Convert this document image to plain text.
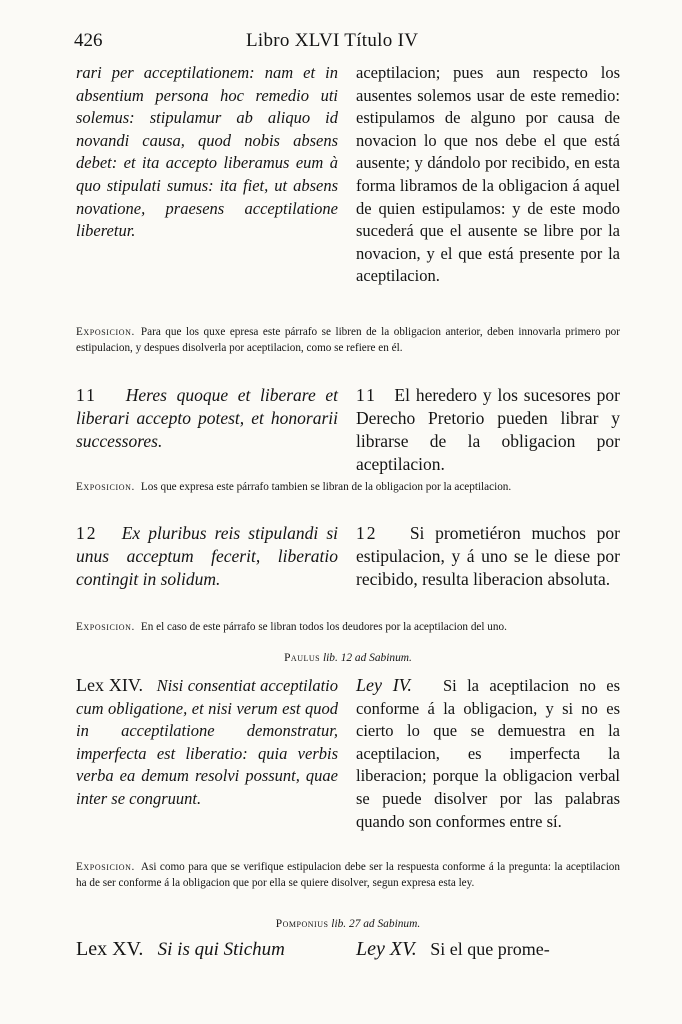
426	Libro XLVI Título IV
rari per acceptilationem: nam et in absentium persona hoc remedio uti solemus: stipulamur ab aliquo id novandi causa, quod nobis absens debet: et ita accepto liberamus eum à quo stipulati sumus: ita fiet, ut absens novatione, praesens acceptilatione liberetur.
aceptilacion; pues aun respecto los ausentes solemos usar de este remedio: estipulamos de alguno por causa de novacion lo que nos debe el que está ausente; y dándolo por recibido, en esta forma libramos de la obligacion á aquel de quien estipulamos: y de este modo sucederá que el ausente se libre por la novacion, y el que está presente por la aceptilacion.
Exposicion. Para que los quxe epresa este párrafo se libren de la obligacion anterior, deben innovarla primero por estipulacion, y despues disolverla por aceptilacion, como se refiere en él.
11 Heres quoque et liberare et liberari accepto potest, et honorarii successores.
11 El heredero y los sucesores por Derecho Pretorio pueden librar y librarse de la obligacion por aceptilacion.
Exposicion. Los que expresa este párrafo tambien se libran de la obligacion por la aceptilacion.
12 Ex pluribus reis stipulandi si unus acceptum fecerit, liberatio contingit in solidum.
12 Si prometiéron muchos por estipulacion, y á uno se le diese por recibido, resulta liberacion absoluta.
Exposicion. En el caso de este párrafo se libran todos los deudores por la aceptilacion del uno.
Paulus lib. 12 ad Sabinum.
Lex XIV. Nisi consentiat acceptilatio cum obligatione, et nisi verum est quod in acceptilatione demonstratur, imperfecta est liberatio: quia verbis verba ea demum resolvi possunt, quae inter se congruunt.
Ley IV. Si la aceptilacion no es conforme á la obligacion, y si no es cierto lo que se demuestra en la aceptilacion, es imperfecta la liberacion; porque la obligacion verbal se puede disolver por las palabras quando son conformes entre sí.
Exposicion. Asi como para que se verifique estipulacion debe ser la respuesta conforme á la pregunta: la aceptilacion ha de ser conforme á la obligacion que por ella se quiere disolver, segun expresa esta ley.
Pomponius lib. 27 ad Sabinum.
Lex XV. Si is qui Stichum	Ley XV. Si el que prome-
